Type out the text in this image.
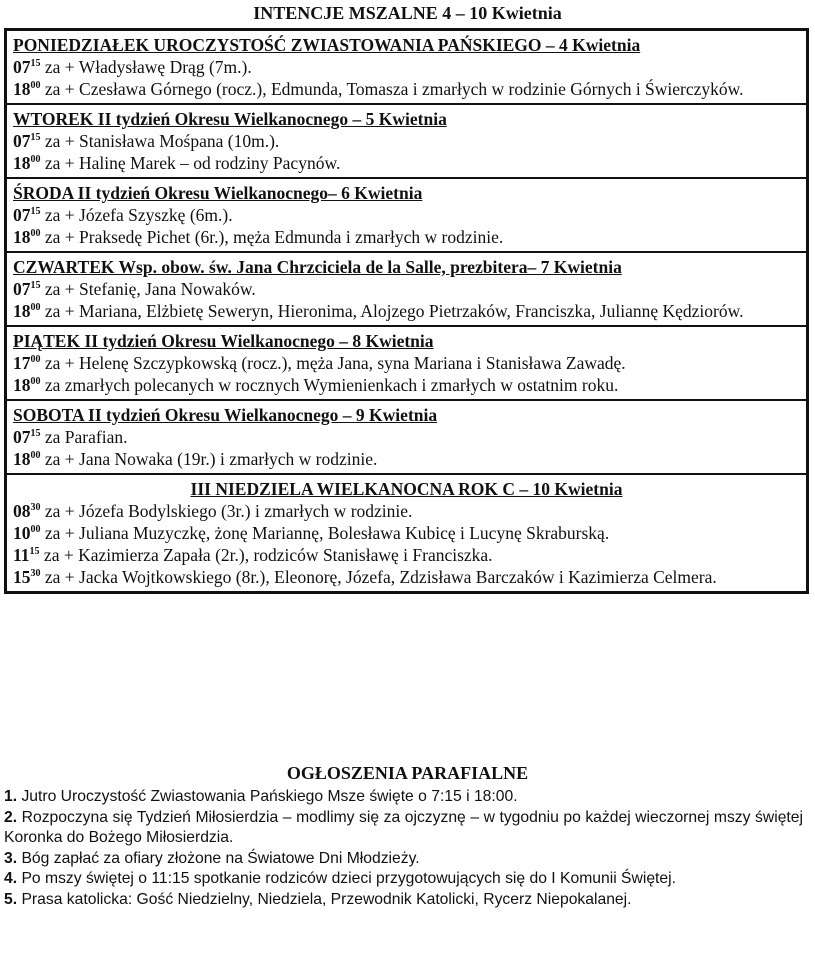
INTENCJE MSZALNE 4 – 10 Kwietnia
PONIEDZIAŁEK UROCZYSTOŚĆ ZWIASTOWANIA PAŃSKIEGO – 4 Kwietnia
$07^{15}$ za + Władysławę Drąg (7m.).
$18^{00}$ za + Czesława Górnego (rocz.), Edmunda, Tomasza i zmarłych w rodzinie Górnych i Świerczyków.
WTOREK II tydzień Okresu Wielkanocnego – 5 Kwietnia
$07^{15}$ za + Stanisława Mośpana (10m.).
$18^{00}$ za + Halinę Marek – od rodziny Pacynów.
ŚRODA II tydzień Okresu Wielkanocnego– 6 Kwietnia
$07^{15}$ za + Józefa Szyszkę (6m.).
$18^{00}$ za + Praksedę Pichet (6r.), męża Edmunda i zmarłych w rodzinie.
CZWARTEK Wsp. obow. św. Jana Chrzciciela de la Salle, prezbitera– 7 Kwietnia
$07^{15}$ za + Stefanię, Jana Nowaków.
$18^{00}$ za + Mariana, Elżbietę Seweryn, Hieronima, Alojzego Pietrzaków, Franciszka, Juliannę Kędziorów.
PIĄTEK II tydzień Okresu Wielkanocnego – 8 Kwietnia
$17^{00}$ za + Helenę Szczypkowską (rocz.), męża Jana, syna Mariana i Stanisława Zawadę.
$18^{00}$ za zmarłych polecanych w rocznych Wymienienkach i zmarłych w ostatnim roku.
SOBOTA II tydzień Okresu Wielkanocnego – 9 Kwietnia
$07^{15}$ za Parafian.
$18^{00}$ za + Jana Nowaka (19r.) i zmarłych w rodzinie.
III NIEDZIELA WIELKANOCNA ROK C – 10 Kwietnia
$08^{30}$ za + Józefa Bodylskiego (3r.) i zmarłych w rodzinie.
$10^{00}$ za + Juliana Muzyczkę, żonę Mariannę, Bolesława Kubicę i Lucynę Skraburską.
$11^{15}$ za + Kazimierza Zapała (2r.), rodziców Stanisławę i Franciszka.
$15^{30}$ za + Jacka Wojtkowskiego (8r.), Eleonorę, Józefa, Zdzisława Barczaków i Kazimierza Celmera.
OGŁOSZENIA PARAFIALNE
1. Jutro Uroczystość Zwiastowania Pańskiego Msze święte o 7:15 i 18:00.
2. Rozpoczyna się Tydzień Miłosierdzia – modlimy się za ojczyznę – w tygodniu po każdej wieczornej mszy świętej Koronka do Bożego Miłosierdzia.
3. Bóg zapłać za ofiary złożone na Światowe Dni Młodzieży.
4. Po mszy świętej o 11:15 spotkanie rodziców dzieci przygotowujących się do I Komunii Świętej.
5. Prasa katolicka: Gość Niedzielny, Niedziela, Przewodnik Katolicki, Rycerz Niepokalanej.
